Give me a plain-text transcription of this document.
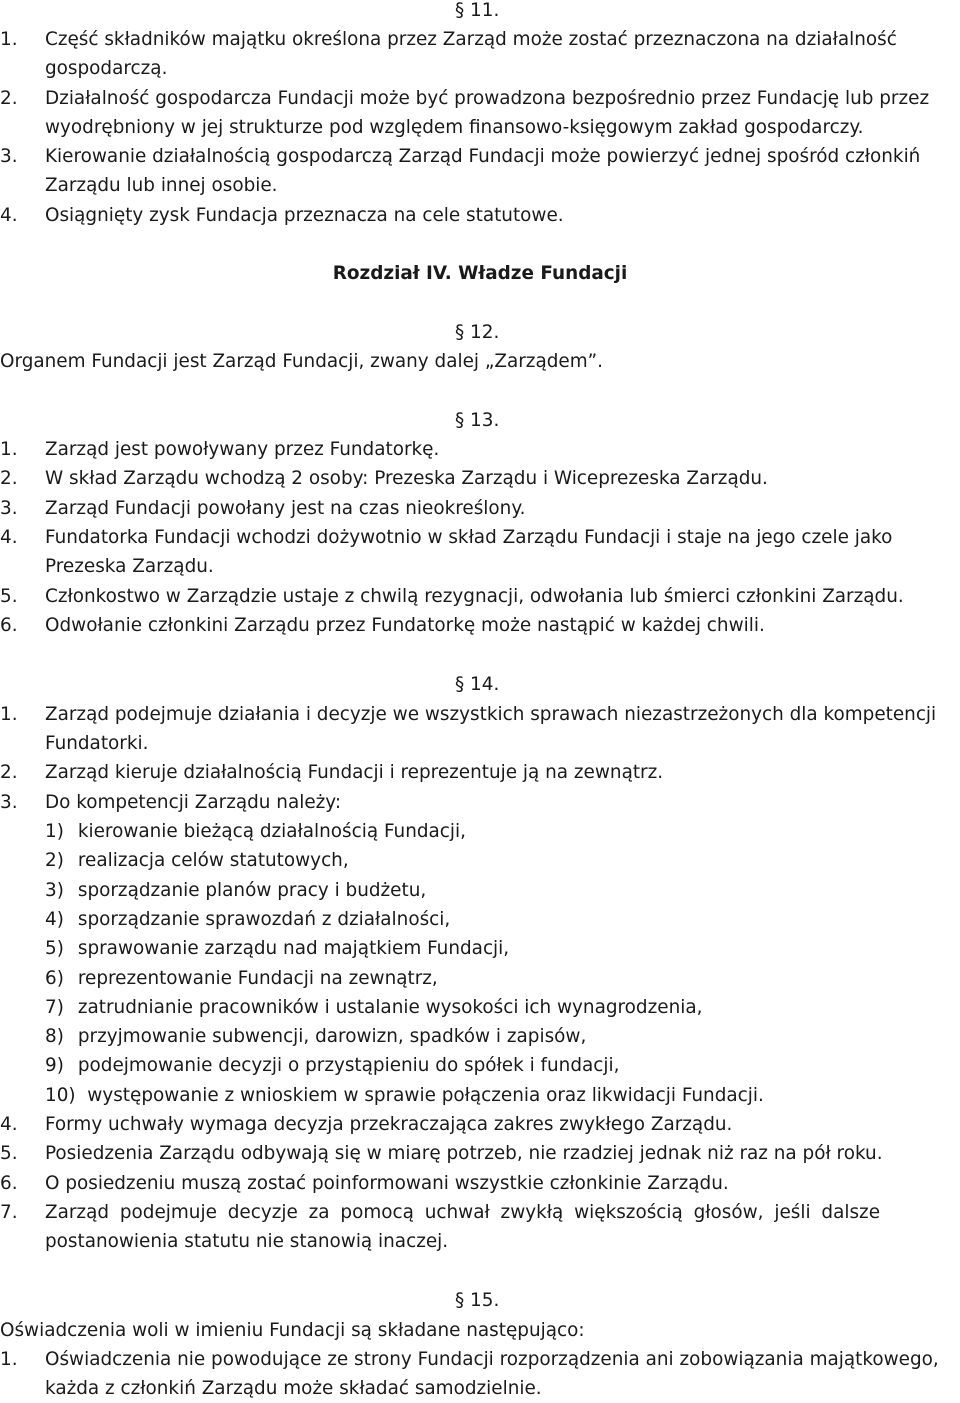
§ 11.
1. Część składników majątku określona przez Zarząd może zostać przeznaczona na działalność
gospodarczą.
2. Działalność gospodarcza Fundacji może być prowadzona bezpośrednio przez Fundację lub przez
wyodrębniony w jej strukturze pod względem finansowo-księgowym zakład gospodarczy.
3. Kierowanie działalnością gospodarczą Zarząd Fundacji może powierzyć jednej spośród członkiń
Zarządu lub innej osobie.
4. Osiągnięty zysk Fundacja przeznacza na cele statutowe.
Rozdział IV. Władze Fundacji
§ 12.
Organem Fundacji jest Zarząd Fundacji, zwany dalej „Zarządem”.
§ 13.
1. Zarząd jest powoływany przez Fundatorkę.
2. W skład Zarządu wchodzą 2 osoby: Prezeska Zarządu i Wiceprezeska Zarządu.
3. Zarząd Fundacji powołany jest na czas nieokreślony.
4. Fundatorka Fundacji wchodzi dożywotnio w skład Zarządu Fundacji i staje na jego czele jako
Prezeska Zarządu.
5. Członkostwo w Zarządzie ustaje z chwilą rezygnacji, odwołania lub śmierci członkini Zarządu.
6. Odwołanie członkini Zarządu przez Fundatorkę może nastąpić w każdej chwili.
§ 14.
1. Zarząd podejmuje działania i decyzje we wszystkich sprawach niezastrzeżonych dla kompetencji
Fundatorki.
2. Zarząd kieruje działalnością Fundacji i reprezentuje ją na zewnątrz.
3. Do kompetencji Zarządu należy:
1) kierowanie bieżącą działalnością Fundacji,
2) realizacja celów statutowych,
3) sporządzanie planów pracy i budżetu,
4) sporządzanie sprawozdań z działalności,
5) sprawowanie zarządu nad majątkiem Fundacji,
6) reprezentowanie Fundacji na zewnątrz,
7) zatrudnianie pracowników i ustalanie wysokości ich wynagrodzenia,
8) przyjmowanie subwencji, darowizn, spadków i zapisów,
9) podejmowanie decyzji o przystąpieniu do spółek i fundacji,
10) występowanie z wnioskiem w sprawie połączenia oraz likwidacji Fundacji.
4. Formy uchwały wymaga decyzja przekraczająca zakres zwykłego Zarządu.
5. Posiedzenia Zarządu odbywają się w miarę potrzeb, nie rzadziej jednak niż raz na pół roku.
6. O posiedzeniu muszą zostać poinformowani wszystkie członkinie Zarządu.
7. Zarząd podejmuje decyzje za pomocą uchwał zwykłą większością głosów, jeśli dalsze
postanowienia statutu nie stanowią inaczej.
§ 15.
Oświadczenia woli w imieniu Fundacji są składane następująco:
1. Oświadczenia nie powodujące ze strony Fundacji rozporządzenia ani zobowiązania majątkowego,
każda z członkiń Zarządu może składać samodzielnie.
